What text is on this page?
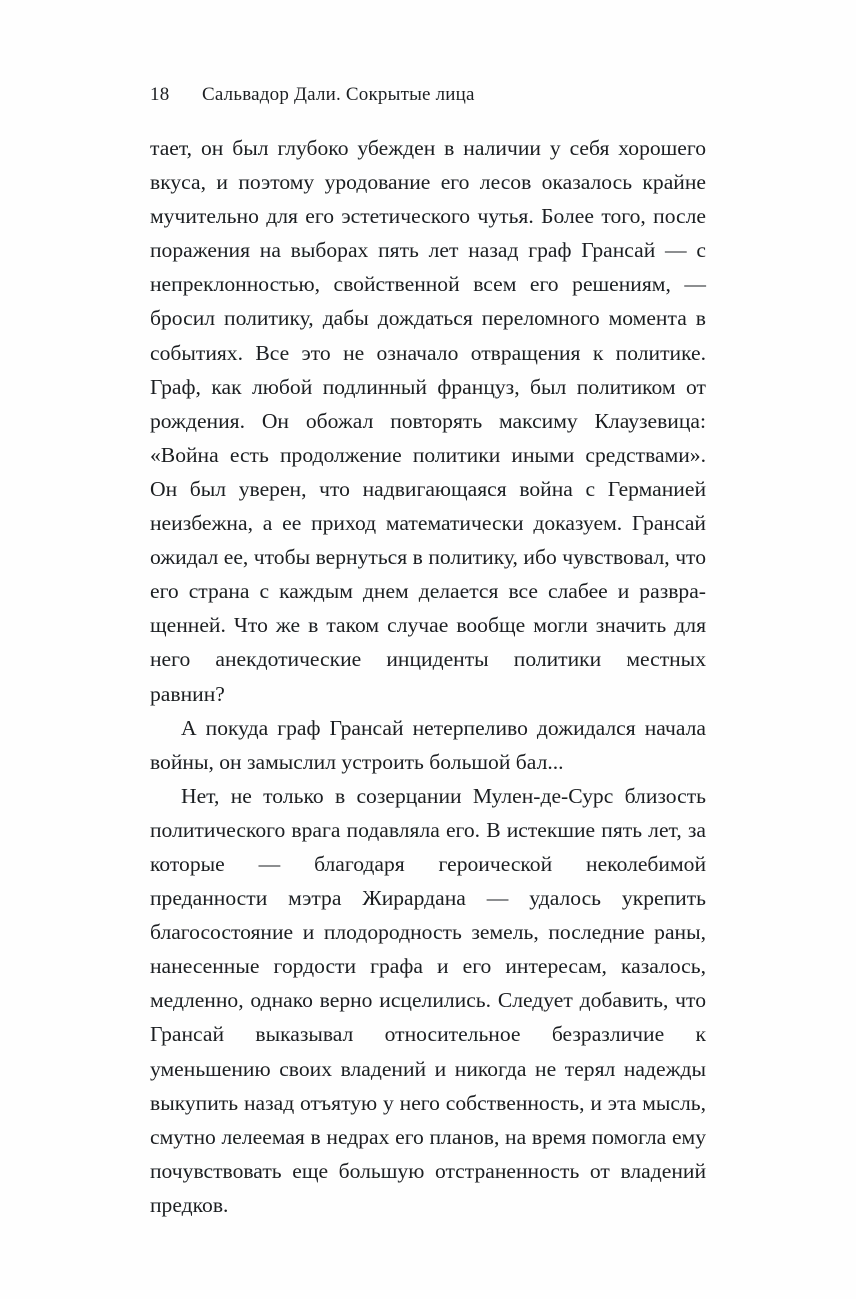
18	Сальвадор Дали. Сокрытые лица

тает, он был глубоко убежден в наличии у себя хорошего вкуса, и поэтому уродование его лесов оказалось крайне мучительно для его эстетического чутья. Более того, после поражения на выборах пять лет назад граф Грансай — с непреклонностью, свойственной всем его решениям, — бросил политику, дабы дождаться переломного момента в событиях. Все это не означало отвращения к политике. Граф, как любой подлинный француз, был политиком от рождения. Он обожал повторять максиму Клаузевица: «Война есть продолжение политики иными средствами». Он был уверен, что надвигающаяся война с Германией неизбежна, а ее приход математически доказуем. Грансай ожидал ее, чтобы вернуться в политику, ибо чувствовал, что его страна с каждым днем делается все слабее и развращенней. Что же в таком случае вообще могли значить для него анекдотические инциденты политики местных равнин?

А покуда граф Грансай нетерпеливо дожидался начала войны, он замыслил устроить большой бал...

Нет, не только в созерцании Мулен-де-Сурс близость политического врага подавляла его. В истекшие пять лет, за которые — благодаря героической неколебимой преданности мэтра Жирардана — удалось укрепить благосостояние и плодородность земель, последние раны, нанесенные гордости графа и его интересам, казалось, медленно, однако верно исцелились. Следует добавить, что Грансай выказывал относительное безразличие к уменьшению своих владений и никогда не терял надежды выкупить назад отъятую у него собственность, и эта мысль, смутно лелеемая в недрах его планов, на время помогла ему почувствовать еще большую отстраненность от владений предков.
